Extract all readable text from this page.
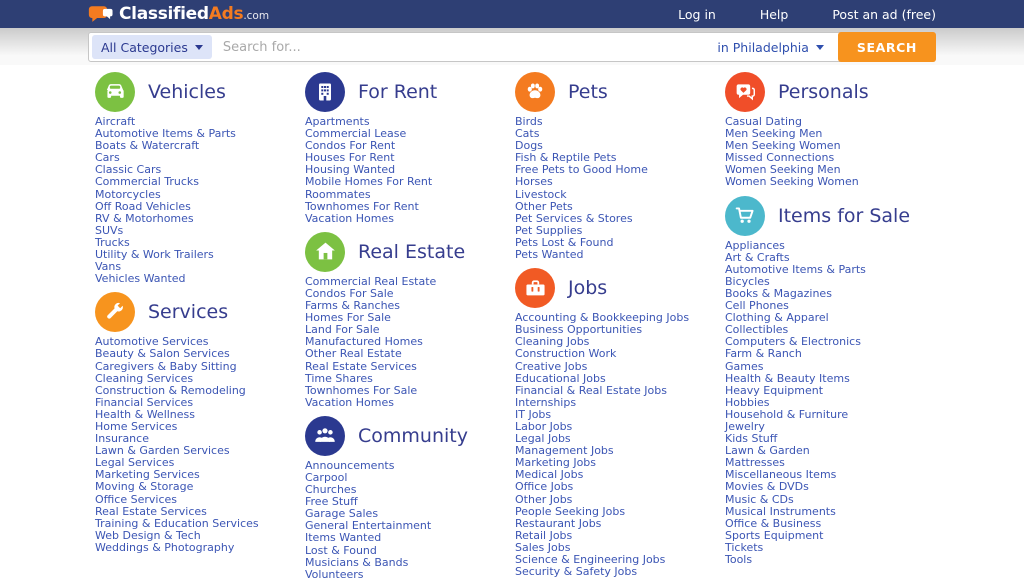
ClassifiedAds.com	Log in	Help	Post an ad (free)
All Categories
Search for...	in Philadelphia	SEARCH
Vehicles
Aircraft
Automotive Items & Parts
Boats & Watercraft
Cars
Classic Cars
Commercial Trucks
Motorcycles
Off Road Vehicles
RV & Motorhomes
SUVs
Trucks
Utility & Work Trailers
Vans
Vehicles Wanted
Services
Automotive Services
Beauty & Salon Services
Caregivers & Baby Sitting
Cleaning Services
Construction & Remodeling
Financial Services
Health & Wellness
Home Services
Insurance
Lawn & Garden Services
Legal Services
Marketing Services
Moving & Storage
Office Services
Real Estate Services
Training & Education Services
Web Design & Tech
Weddings & Photography
For Rent
Apartments
Commercial Lease
Condos For Rent
Houses For Rent
Housing Wanted
Mobile Homes For Rent
Roommates
Townhomes For Rent
Vacation Homes
Real Estate
Commercial Real Estate
Condos For Sale
Farms & Ranches
Homes For Sale
Land For Sale
Manufactured Homes
Other Real Estate
Real Estate Services
Time Shares
Townhomes For Sale
Vacation Homes
Community
Announcements
Carpool
Churches
Free Stuff
Garage Sales
General Entertainment
Items Wanted
Lost & Found
Musicians & Bands
Volunteers
Pets
Birds
Cats
Dogs
Fish & Reptile Pets
Free Pets to Good Home
Horses
Livestock
Other Pets
Pet Services & Stores
Pet Supplies
Pets Lost & Found
Pets Wanted
Jobs
Accounting & Bookkeeping Jobs
Business Opportunities
Cleaning Jobs
Construction Work
Creative Jobs
Educational Jobs
Financial & Real Estate Jobs
Internships
IT Jobs
Labor Jobs
Legal Jobs
Management Jobs
Marketing Jobs
Medical Jobs
Office Jobs
Other Jobs
People Seeking Jobs
Restaurant Jobs
Retail Jobs
Sales Jobs
Science & Engineering Jobs
Security & Safety Jobs
Personals
Casual Dating
Men Seeking Men
Men Seeking Women
Missed Connections
Women Seeking Men
Women Seeking Women
Items for Sale
Appliances
Art & Crafts
Automotive Items & Parts
Bicycles
Books & Magazines
Cell Phones
Clothing & Apparel
Collectibles
Computers & Electronics
Farm & Ranch
Games
Health & Beauty Items
Heavy Equipment
Hobbies
Household & Furniture
Jewelry
Kids Stuff
Lawn & Garden
Mattresses
Miscellaneous Items
Movies & DVDs
Music & CDs
Musical Instruments
Office & Business
Sports Equipment
Tickets
Tools
